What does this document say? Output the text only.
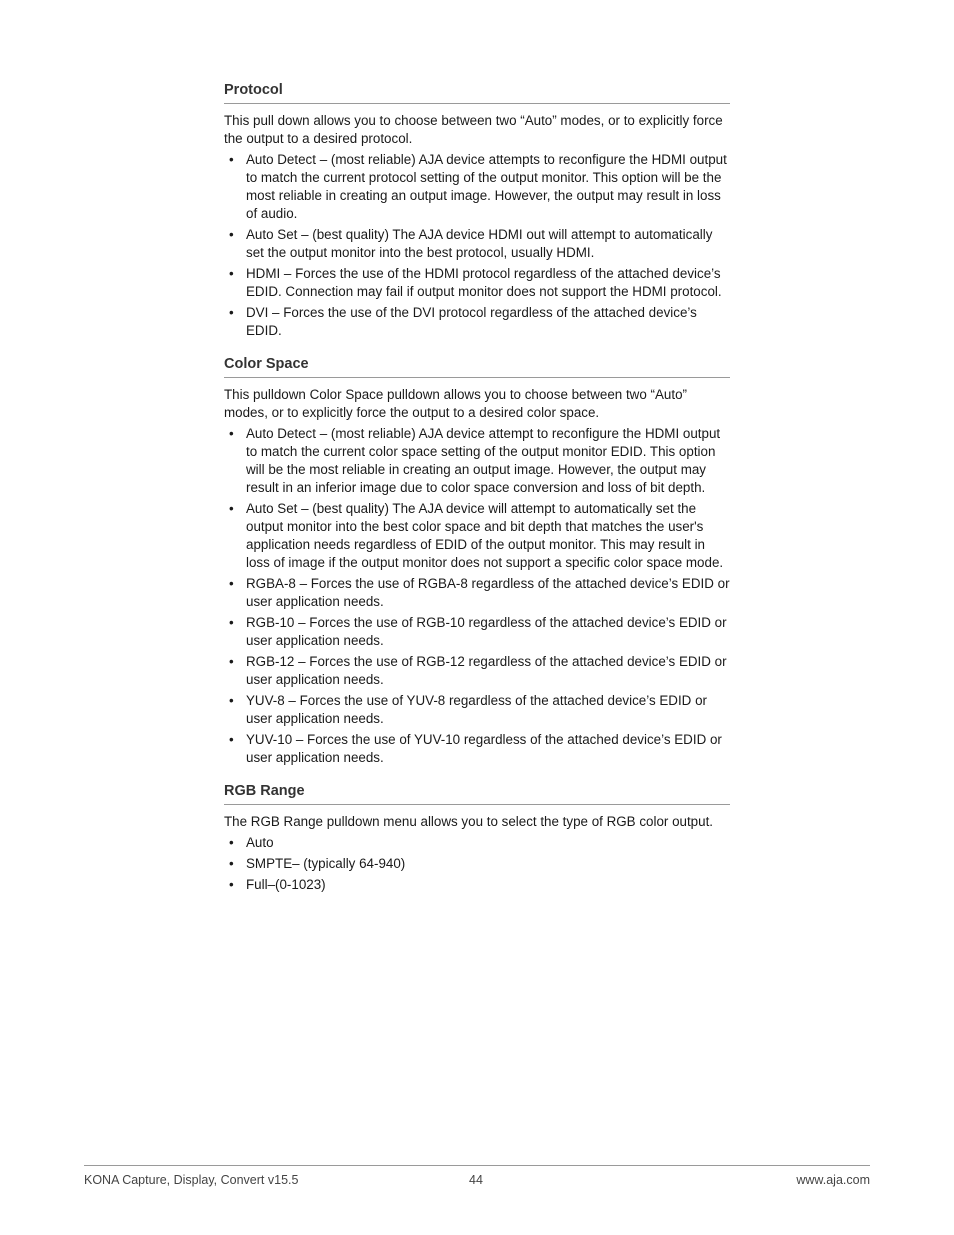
Protocol

This pull down allows you to choose between two “Auto” modes, or to explicitly force the output to a desired protocol.

• Auto Detect – (most reliable) AJA device attempts to reconfigure the HDMI output to match the current protocol setting of the output monitor. This option will be the most reliable in creating an output image. However, the output may result in loss of audio.
• Auto Set – (best quality) The AJA device HDMI out will attempt to automatically set the output monitor into the best protocol, usually HDMI.
• HDMI – Forces the use of the HDMI protocol regardless of the attached device’s EDID. Connection may fail if output monitor does not support the HDMI protocol.
• DVI – Forces the use of the DVI protocol regardless of the attached device’s EDID.
Color Space

This pulldown Color Space pulldown allows you to choose between two “Auto” modes, or to explicitly force the output to a desired color space.

• Auto Detect – (most reliable) AJA device attempt to reconfigure the HDMI output to match the current color space setting of the output monitor EDID. This option will be the most reliable in creating an output image. However, the output may result in an inferior image due to color space conversion and loss of bit depth.
• Auto Set – (best quality) The AJA device will attempt to automatically set the output monitor into the best color space and bit depth that matches the user's application needs regardless of EDID of the output monitor. This may result in loss of image if the output monitor does not support a specific color space mode.
• RGBA-8 – Forces the use of RGBA-8 regardless of the attached device’s EDID or user application needs.
• RGB-10 – Forces the use of RGB-10 regardless of the attached device’s EDID or user application needs.
• RGB-12 – Forces the use of RGB-12 regardless of the attached device’s EDID or user application needs.
• YUV-8 – Forces the use of YUV-8 regardless of the attached device’s EDID or user application needs.
• YUV-10 – Forces the use of YUV-10 regardless of the attached device’s EDID or user application needs.
RGB Range

The RGB Range pulldown menu allows you to select the type of RGB color output.

• Auto
• SMPTE– (typically 64-940)
• Full–(0-1023)
KONA Capture, Display, Convert v15.5	44	www.aja.com
